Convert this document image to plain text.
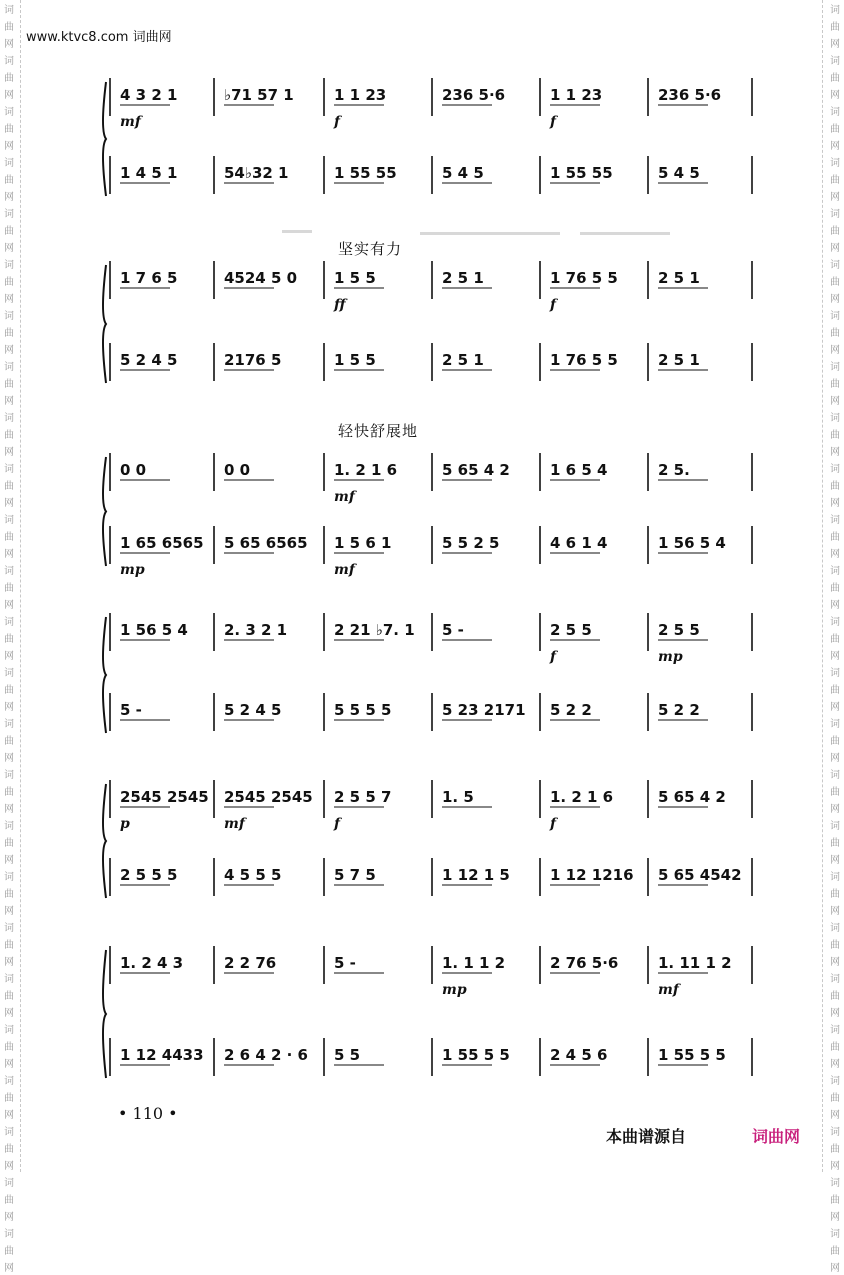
词
曲
网
词
曲
网
词
曲
网
词
曲
网
词
曲
网
词
曲
网
词
曲
网
词
曲
网
词
曲
网
词
曲
网
词
曲
网
词
曲
网
词
曲
网
词
曲
网
词
曲
网
词
曲
网
词
曲
网
词
曲
网
词
曲
网
词
曲
网
词
曲
网
词
曲
网
词
曲
网
词
曲
网
词
曲
网
词
曲
网
词
曲
网
词
曲
网
词
曲
网
词
曲
网
词
曲
网
词
曲
网
词
曲
网
词
曲
网
词
曲
网
词
曲
网
词
曲
网
词
曲
网
词
曲
网
词
曲
网
词
曲
网
词
曲
网
词
曲
网
词
曲
网
词
曲
网
词
曲
网
词
曲
网
词
曲
网
词
曲
网
词
曲
网
www.ktvc8.com 词曲网
坚实有力
轻快舒展地
4 3 2 1
mf
♭71 57 1	1 1 23
f
236 5·6	1 1 23
f
236 5·6
1 4 5 1	54♭32 1	1 55 55	5 4 5	1 55 55	5 4 5
1 7 6 5	4524 5 0 1 5 5
ff
2 5 1	1 76 5 5
f
2 5 1
5 2 4 5	2176 5	1 5 5	2 5 1	1 76 5 5	2 5 1
0 0	0 0	1. 2 1 6
mf
5 65 4 2	1 6 5 4	2 5.
1 65 6565
mp
5 65 6565 1 5 6 1
mf
5 5 2 5	4 6 1 4	1 56 5 4
1 56 5 4 2. 3 2 1	2 21 ♭7. 1 5 -	2 5 5
f
2 5 5
mp
5 -	5 2 4 5	5 5 5 5	5 23 2171 5 2 2	5 2 2
2545 2545
p
2545 2545
mf
2 5 5 7
f
1. 5	1. 2 1 6
f
5 65 4 2
2 5 5 5	4 5 5 5	5 7 5	1 12 1 5	1 12 1216 5 65 4542
1. 2 4 3	2 2 76	5 -	1. 1 1 2
mp
2 76 5·6	1. 11 1 2
mf
1 12 4433 2 6 4 2 · 6 5 5	1 55 5 5	2 4 5 6	1 55 5 5
• 110 •
本曲谱源自	词曲网
